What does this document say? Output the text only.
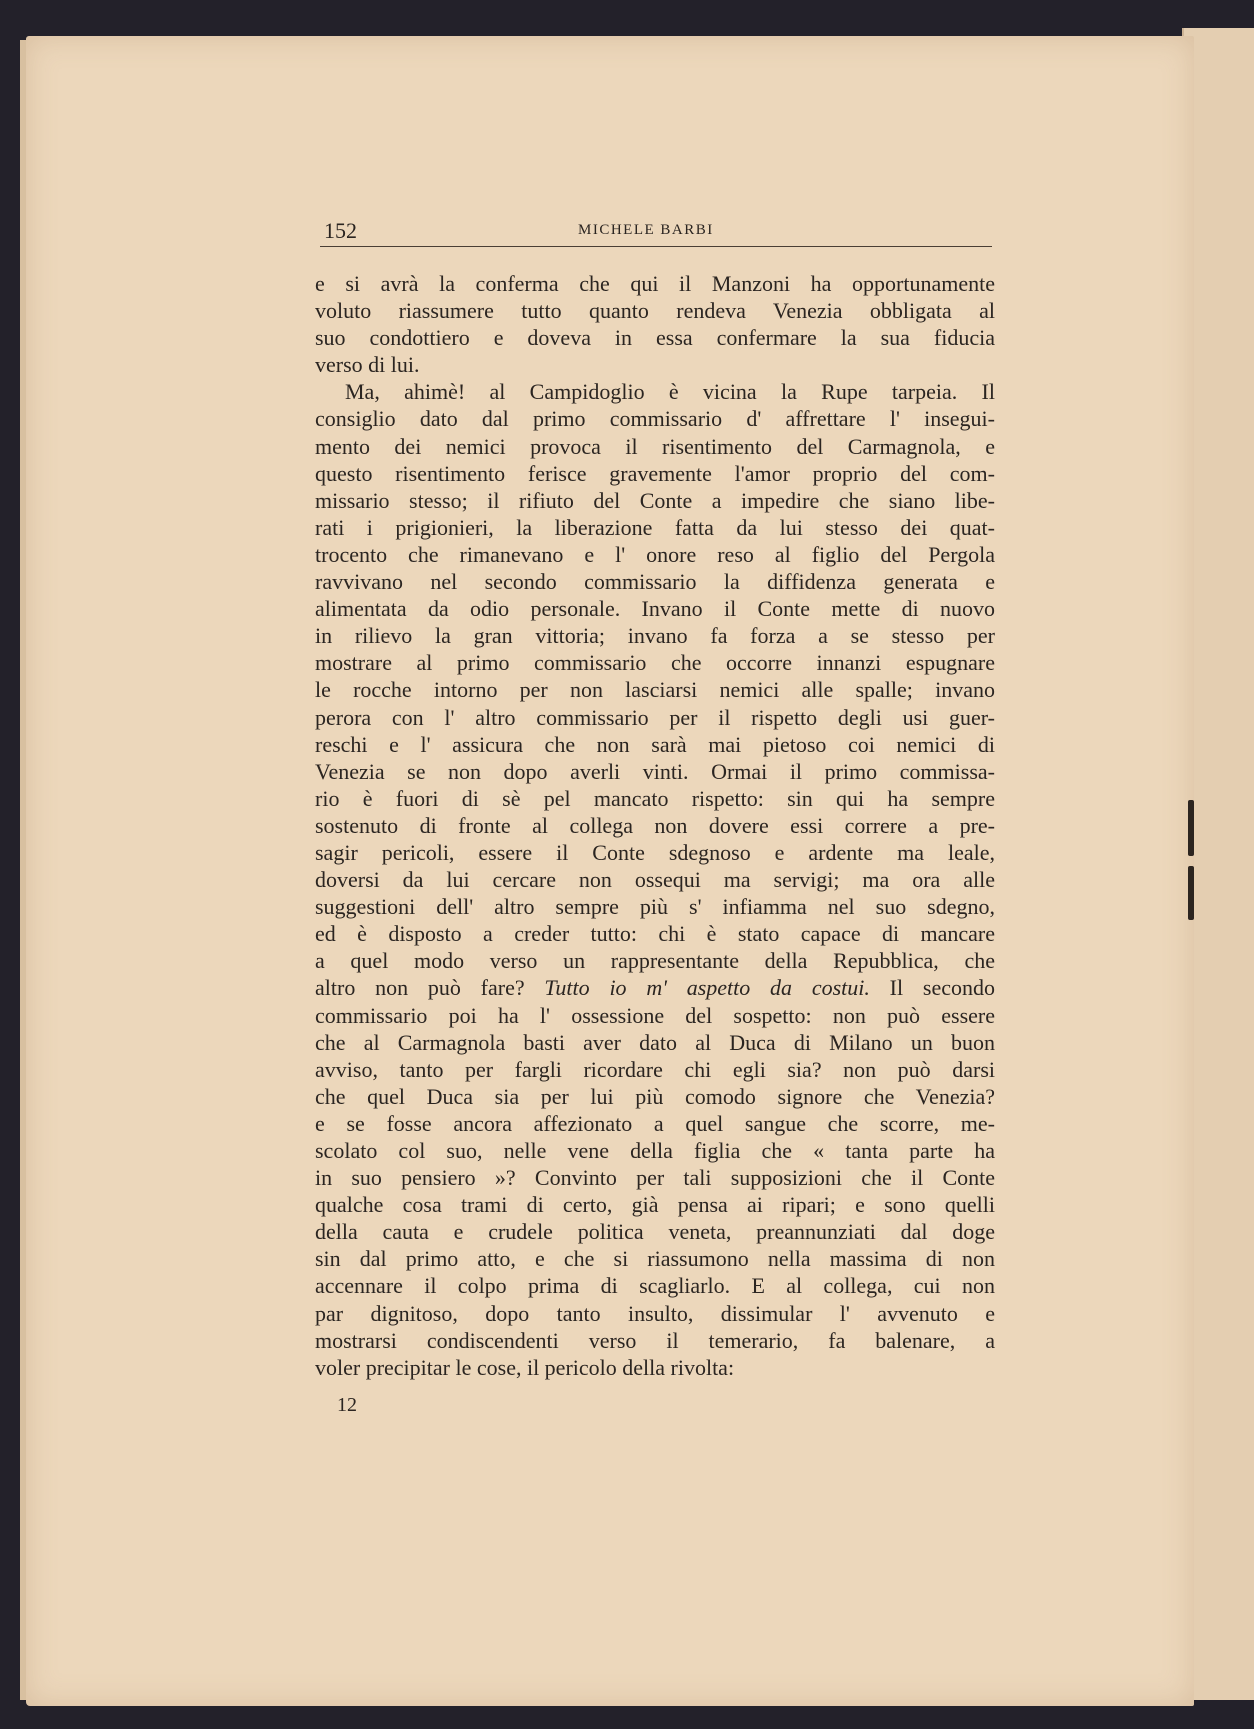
152	MICHELE BARBI
e si avrà la conferma che qui il Manzoni ha opportunamente
voluto riassumere tutto quanto rendeva Venezia obbligata al
suo condottiero e doveva in essa confermare la sua fiducia
verso di lui.
Ma, ahimè! al Campidoglio è vicina la Rupe tarpeia. Il
consiglio dato dal primo commissario d' affrettare l' insegui-
mento dei nemici provoca il risentimento del Carmagnola, e
questo risentimento ferisce gravemente l'amor proprio del com-
missario stesso; il rifiuto del Conte a impedire che siano libe-
rati i prigionieri, la liberazione fatta da lui stesso dei quat-
trocento che rimanevano e l' onore reso al figlio del Pergola
ravvivano nel secondo commissario la diffidenza generata e
alimentata da odio personale. Invano il Conte mette di nuovo
in rilievo la gran vittoria; invano fa forza a se stesso per
mostrare al primo commissario che occorre innanzi espugnare
le rocche intorno per non lasciarsi nemici alle spalle; invano
perora con l' altro commissario per il rispetto degli usi guer-
reschi e l' assicura che non sarà mai pietoso coi nemici di
Venezia se non dopo averli vinti. Ormai il primo commissa-
rio è fuori di sè pel mancato rispetto: sin qui ha sempre
sostenuto di fronte al collega non dovere essi correre a pre-
sagir pericoli, essere il Conte sdegnoso e ardente ma leale,
doversi da lui cercare non ossequi ma servigi; ma ora alle
suggestioni dell' altro sempre più s' infiamma nel suo sdegno,
ed è disposto a creder tutto: chi è stato capace di mancare
a quel modo verso un rappresentante della Repubblica, che
altro non può fare? Tutto io m' aspetto da costui. Il secondo
commissario poi ha l' ossessione del sospetto: non può essere
che al Carmagnola basti aver dato al Duca di Milano un buon
avviso, tanto per fargli ricordare chi egli sia? non può darsi
che quel Duca sia per lui più comodo signore che Venezia?
e se fosse ancora affezionato a quel sangue che scorre, me-
scolato col suo, nelle vene della figlia che « tanta parte ha
in suo pensiero »? Convinto per tali supposizioni che il Conte
qualche cosa trami di certo, già pensa ai ripari; e sono quelli
della cauta e crudele politica veneta, preannunziati dal doge
sin dal primo atto, e che si riassumono nella massima di non
accennare il colpo prima di scagliarlo. E al collega, cui non
par dignitoso, dopo tanto insulto, dissimular l' avvenuto e
mostrarsi condiscendenti verso il temerario, fa balenare, a
voler precipitar le cose, il pericolo della rivolta:
12
